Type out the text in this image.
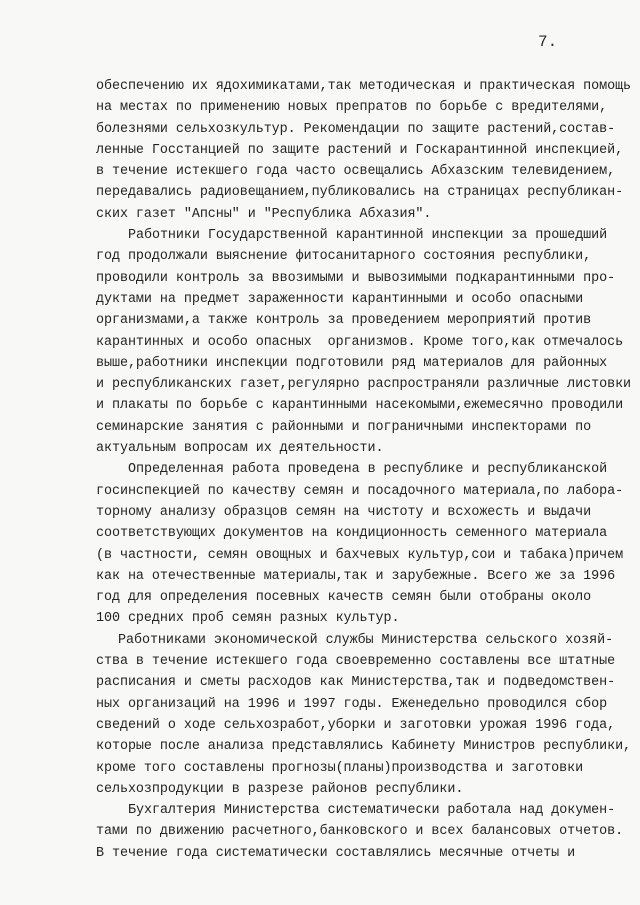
7.
обеспечению их ядохимикатами,так методическая и практическая помощь
на местах по применению новых препратов по борьбе с вредителями,
болезнями сельхозкультур. Рекомендации по защите растений,состав-
ленные Госстанцией по защите растений и Госкарантинной инспекцией,
в течение истекшего года часто освещались Абхазским телевидением,
передавались радиовещанием,публиковались на страницах республикан-
ских газет "Апсны" и "Республика Абхазия".
Работники Государственной карантинной инспекции за прошедший
год продолжали выяснение фитосанитарного состояния республики,
проводили контроль за ввозимыми и вывозимыми подкарантинными про-
дуктами на предмет зараженности карантинными и особо опасными
организмами,а также контроль за проведением мероприятий против
карантинных и особо опасных  организмов. Кроме того,как отмечалось
выше,работники инспекции подготовили ряд материалов для районных
и республиканских газет,регулярно распространяли различные листовки
и плакаты по борьбе с карантинными насекомыми,ежемесячно проводили
семинарские занятия с районными и пограничными инспекторами по
актуальным вопросам их деятельности.
Определенная работа проведена в республике и республиканской
госинспекцией по качеству семян и посадочного материала,по лабора-
торному анализу образцов семян на чистоту и всхожесть и выдачи
соответствующих документов на кондиционность семенного материала
(в частности, семян овощных и бахчевых культур,сои и табака)причем
как на отечественные материалы,так и зарубежные. Всего же за 1996
год для определения посевных качеств семян были отобраны около
100 средних проб семян разных культур.
Работниками экономической службы Министерства сельского хозяй-
ства в течение истекшего года своевременно составлены все штатные
расписания и сметы расходов как Министерства,так и подведомствен-
ных организаций на 1996 и 1997 годы. Еженедельно проводился сбор
сведений о ходе сельхозработ,уборки и заготовки урожая 1996 года,
которые после анализа представлялись Кабинету Министров республики,
кроме того составлены прогнозы(планы)производства и заготовки
сельхозпродукции в разрезе районов республики.
Бухгалтерия Министерства систематически работала над докумен-
тами по движению расчетного,банковского и всех балансовых отчетов.
В течение года систематически составлялись месячные отчеты и
